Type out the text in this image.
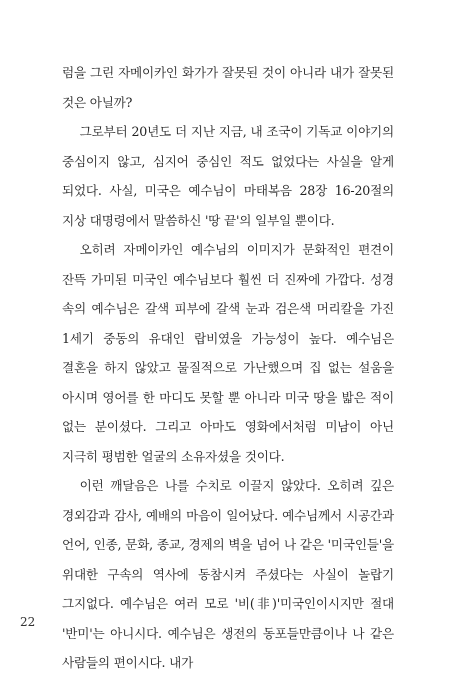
럼을 그린 자메이카인 화가가 잘못된 것이 아니라 내가 잘못된 것은 아닐까?

그로부터 20년도 더 지난 지금, 내 조국이 기독교 이야기의 중심이지 않고, 심지어 중심인 적도 없었다는 사실을 알게 되었다. 사실, 미국은 예수님이 마태복음 28장 16-20절의 지상 대명령에서 말씀하신 '땅 끝'의 일부일 뿐이다.

오히려 자메이카인 예수님의 이미지가 문화적인 편견이 잔뜩 가미된 미국인 예수님보다 훨씬 더 진짜에 가깝다. 성경 속의 예수님은 갈색 피부에 갈색 눈과 검은색 머리칼을 가진 1세기 중동의 유대인 랍비였을 가능성이 높다. 예수님은 결혼을 하지 않았고 물질적으로 가난했으며 집 없는 설움을 아시며 영어를 한 마디도 못할 뿐 아니라 미국 땅을 밟은 적이 없는 분이셨다. 그리고 아마도 영화에서처럼 미남이 아닌 지극히 평범한 얼굴의 소유자셨을 것이다.

이런 깨달음은 나를 수치로 이끌지 않았다. 오히려 깊은 경외감과 감사, 예배의 마음이 일어났다. 예수님께서 시공간과 언어, 인종, 문화, 종교, 경제의 벽을 넘어 나 같은 '미국인들'을 위대한 구속의 역사에 동참시켜 주셨다는 사실이 놀랍기 그지없다. 예수님은 여러 모로 '비(非)'미국인이시지만 절대 '반미'는 아니시다. 예수님은 생전의 동포들만큼이나 나 같은 사람들의 편이시다. 내가

22
